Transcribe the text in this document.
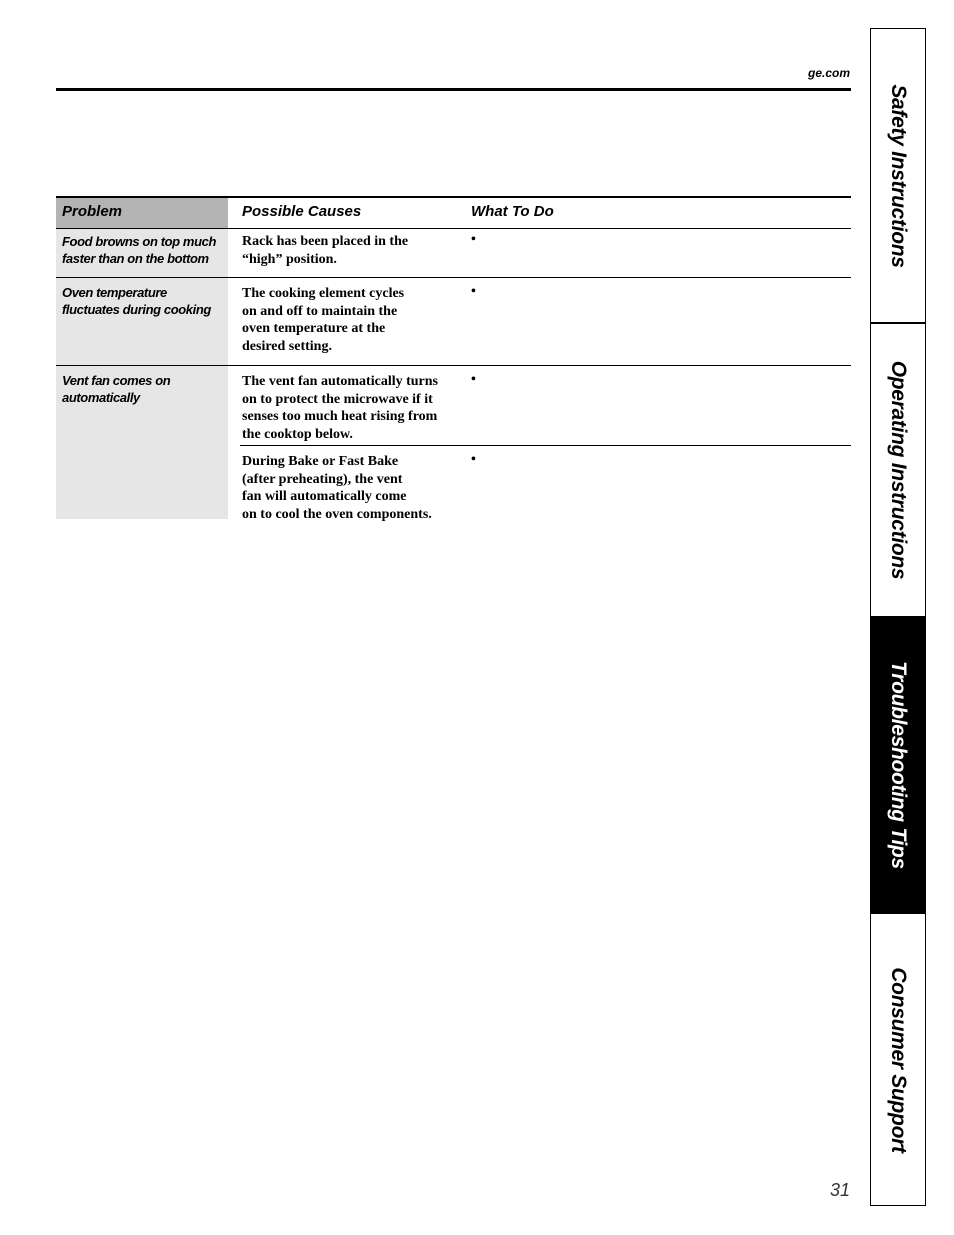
ge.com
Problem	Possible Causes	What To Do
Food browns on top much
faster than on the bottom
Rack has been placed in the
“high” position.
•
Oven temperature
fluctuates during cooking
The cooking element cycles
on and off to maintain the
oven temperature at the
desired setting.
•
Vent fan comes on
automatically
The vent fan automatically turns
on to protect the microwave if it
senses too much heat rising from
the cooktop below.
•
During Bake or Fast Bake
(after preheating), the vent
fan will automatically come
on to cool the oven components.
•
31
Safety Instructions
Operating Instructions
Troubleshooting Tips
Consumer Support
